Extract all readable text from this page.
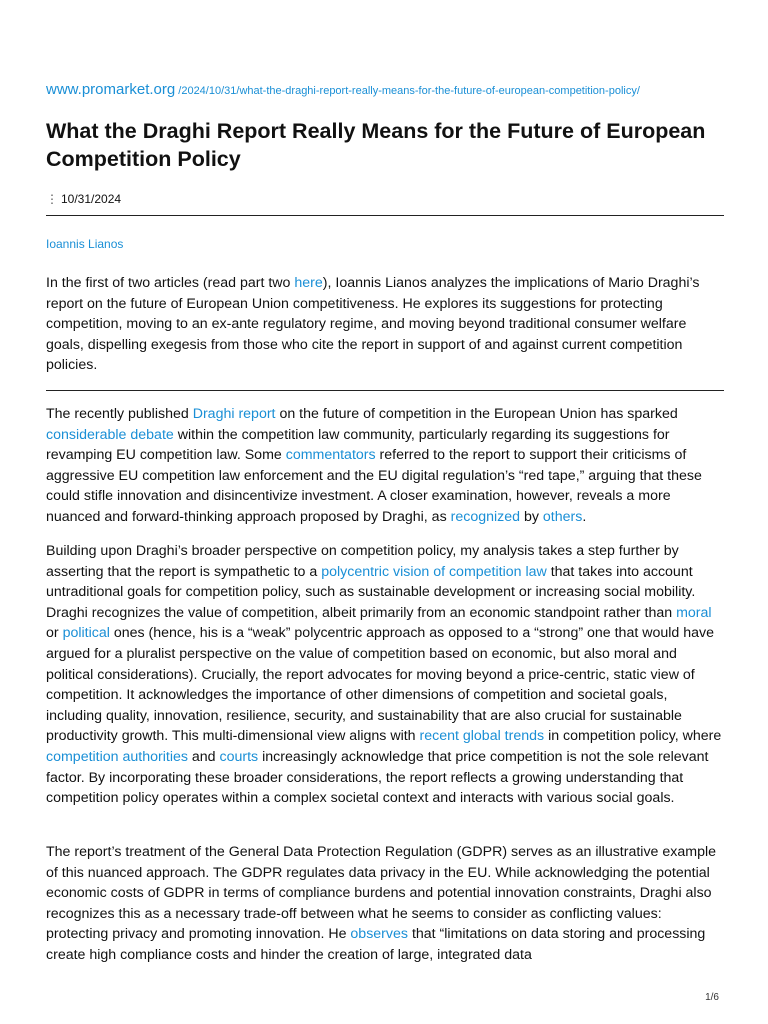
www.promarket.org /2024/10/31/what-the-draghi-report-really-means-for-the-future-of-european-competition-policy/
What the Draghi Report Really Means for the Future of European Competition Policy
⋮ 10/31/2024
Ioannis Lianos

In the first of two articles (read part two here), Ioannis Lianos analyzes the implications of Mario Draghi’s report on the future of European Union competitiveness. He explores its suggestions for protecting competition, moving to an ex-ante regulatory regime, and moving beyond traditional consumer welfare goals, dispelling exegesis from those who cite the report in support of and against current competition policies.

The recently published Draghi report on the future of competition in the European Union has sparked considerable debate within the competition law community, particularly regarding its suggestions for revamping EU competition law. Some commentators referred to the report to support their criticisms of aggressive EU competition law enforcement and the EU digital regulation’s “red tape,” arguing that these could stifle innovation and disincentivize investment. A closer examination, however, reveals a more nuanced and forward-thinking approach proposed by Draghi, as recognized by others.

Building upon Draghi’s broader perspective on competition policy, my analysis takes a step further by asserting that the report is sympathetic to a polycentric vision of competition law that takes into account untraditional goals for competition policy, such as sustainable development or increasing social mobility. Draghi recognizes the value of competition, albeit primarily from an economic standpoint rather than moral or political ones (hence, his is a “weak” polycentric approach as opposed to a “strong” one that would have argued for a pluralist perspective on the value of competition based on economic, but also moral and political considerations). Crucially, the report advocates for moving beyond a price-centric, static view of competition. It acknowledges the importance of other dimensions of competition and societal goals, including quality, innovation, resilience, security, and sustainability that are also crucial for sustainable productivity growth. This multi-dimensional view aligns with recent global trends in competition policy, where competition authorities and courts increasingly acknowledge that price competition is not the sole relevant factor. By incorporating these broader considerations, the report reflects a growing understanding that competition policy operates within a complex societal context and interacts with various social goals.

The report’s treatment of the General Data Protection Regulation (GDPR) serves as an illustrative example of this nuanced approach. The GDPR regulates data privacy in the EU. While acknowledging the potential economic costs of GDPR in terms of compliance burdens and potential innovation constraints, Draghi also recognizes this as a necessary trade-off between what he seems to consider as conflicting values: protecting privacy and promoting innovation. He observes that “limitations on data storing and processing create high compliance costs and hinder the creation of large, integrated data

1/6
